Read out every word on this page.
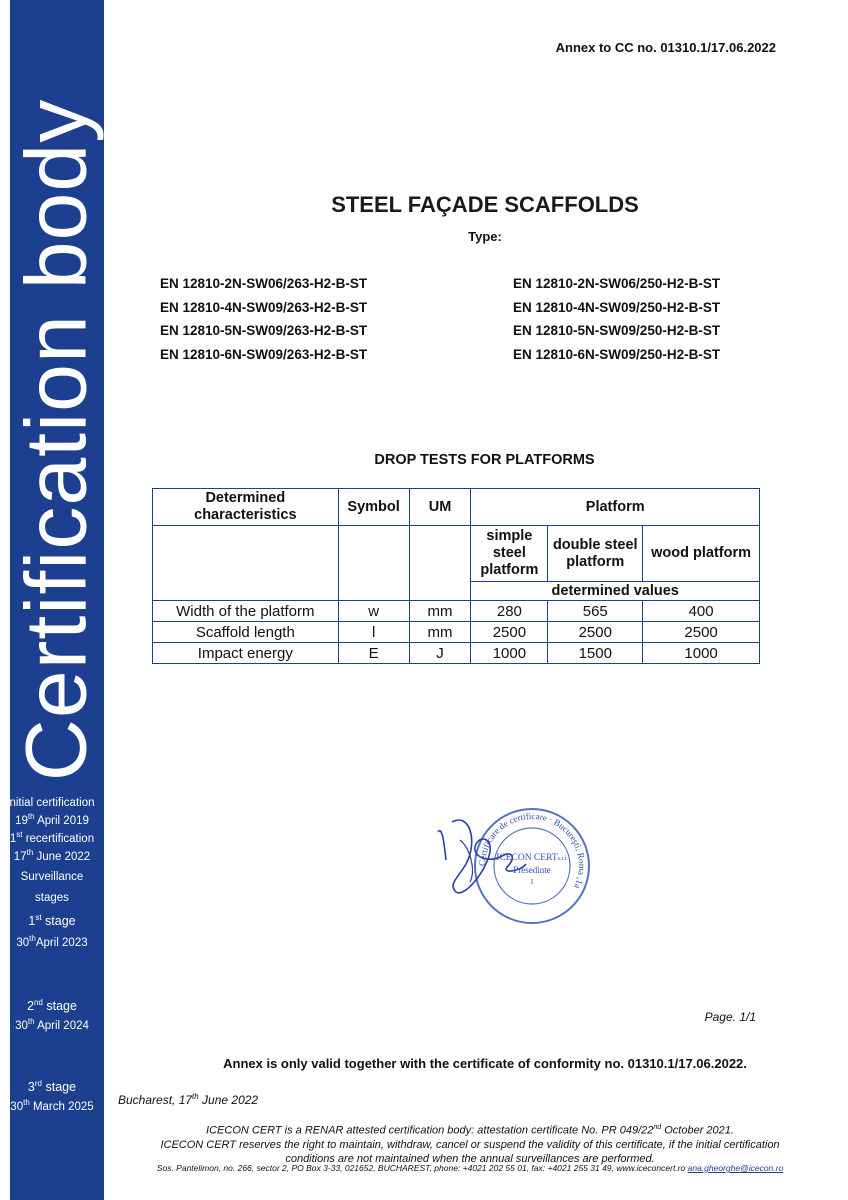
Certification body
nitial certification
19th April 2019
1st recertification
17th June 2022
Surveillance
stages
1st stage
30thApril 2023
2nd stage
30th April 2024
3rd stage
30th March 2025
Annex to CC no. 01310.1/17.06.2022
STEEL FAÇADE SCAFFOLDS
Type:
EN 12810-2N-SW06/263-H2-B-ST
EN 12810-4N-SW09/263-H2-B-ST
EN 12810-5N-SW09/263-H2-B-ST
EN 12810-6N-SW09/263-H2-B-ST
EN 12810-2N-SW06/250-H2-B-ST
EN 12810-4N-SW09/250-H2-B-ST
EN 12810-5N-SW09/250-H2-B-ST
EN 12810-6N-SW09/250-H2-B-ST
DROP TESTS FOR PLATFORMS
Determined characteristics	Symbol	UM	Platform		
			simple steel platform	double steel platform	wood platform
			determined values		
Width of the platform	w	mm	280	565	400
Scaffold length	l	mm	2500	2500	2500
Impact energy	E	J	1000	1500	1000
Certificare de certificare · Bucureşti, Roma ,1a
ICECON CERTs.r.l.
Presedinte
I
Page. 1/1
Annex is only valid together with the certificate of conformity no. 01310.1/17.06.2022.
Bucharest, 17th June 2022
ICECON CERT is a RENAR attested certification body: attestation certificate No. PR 049/22nd October 2021.
ICECON CERT reserves the right to maintain, withdraw, cancel or suspend the validity of this certificate, if the initial certification
conditions are not maintained when the annual surveillances are performed.
Sos. Pantelimon, no. 266, sector 2, PO Box 3-33, 021652, BUCHAREST, phone: +4021 202 55 01, fax: +4021 255 31 49, www.iceconcert.ro ana.gheorghe@icecon.ro
